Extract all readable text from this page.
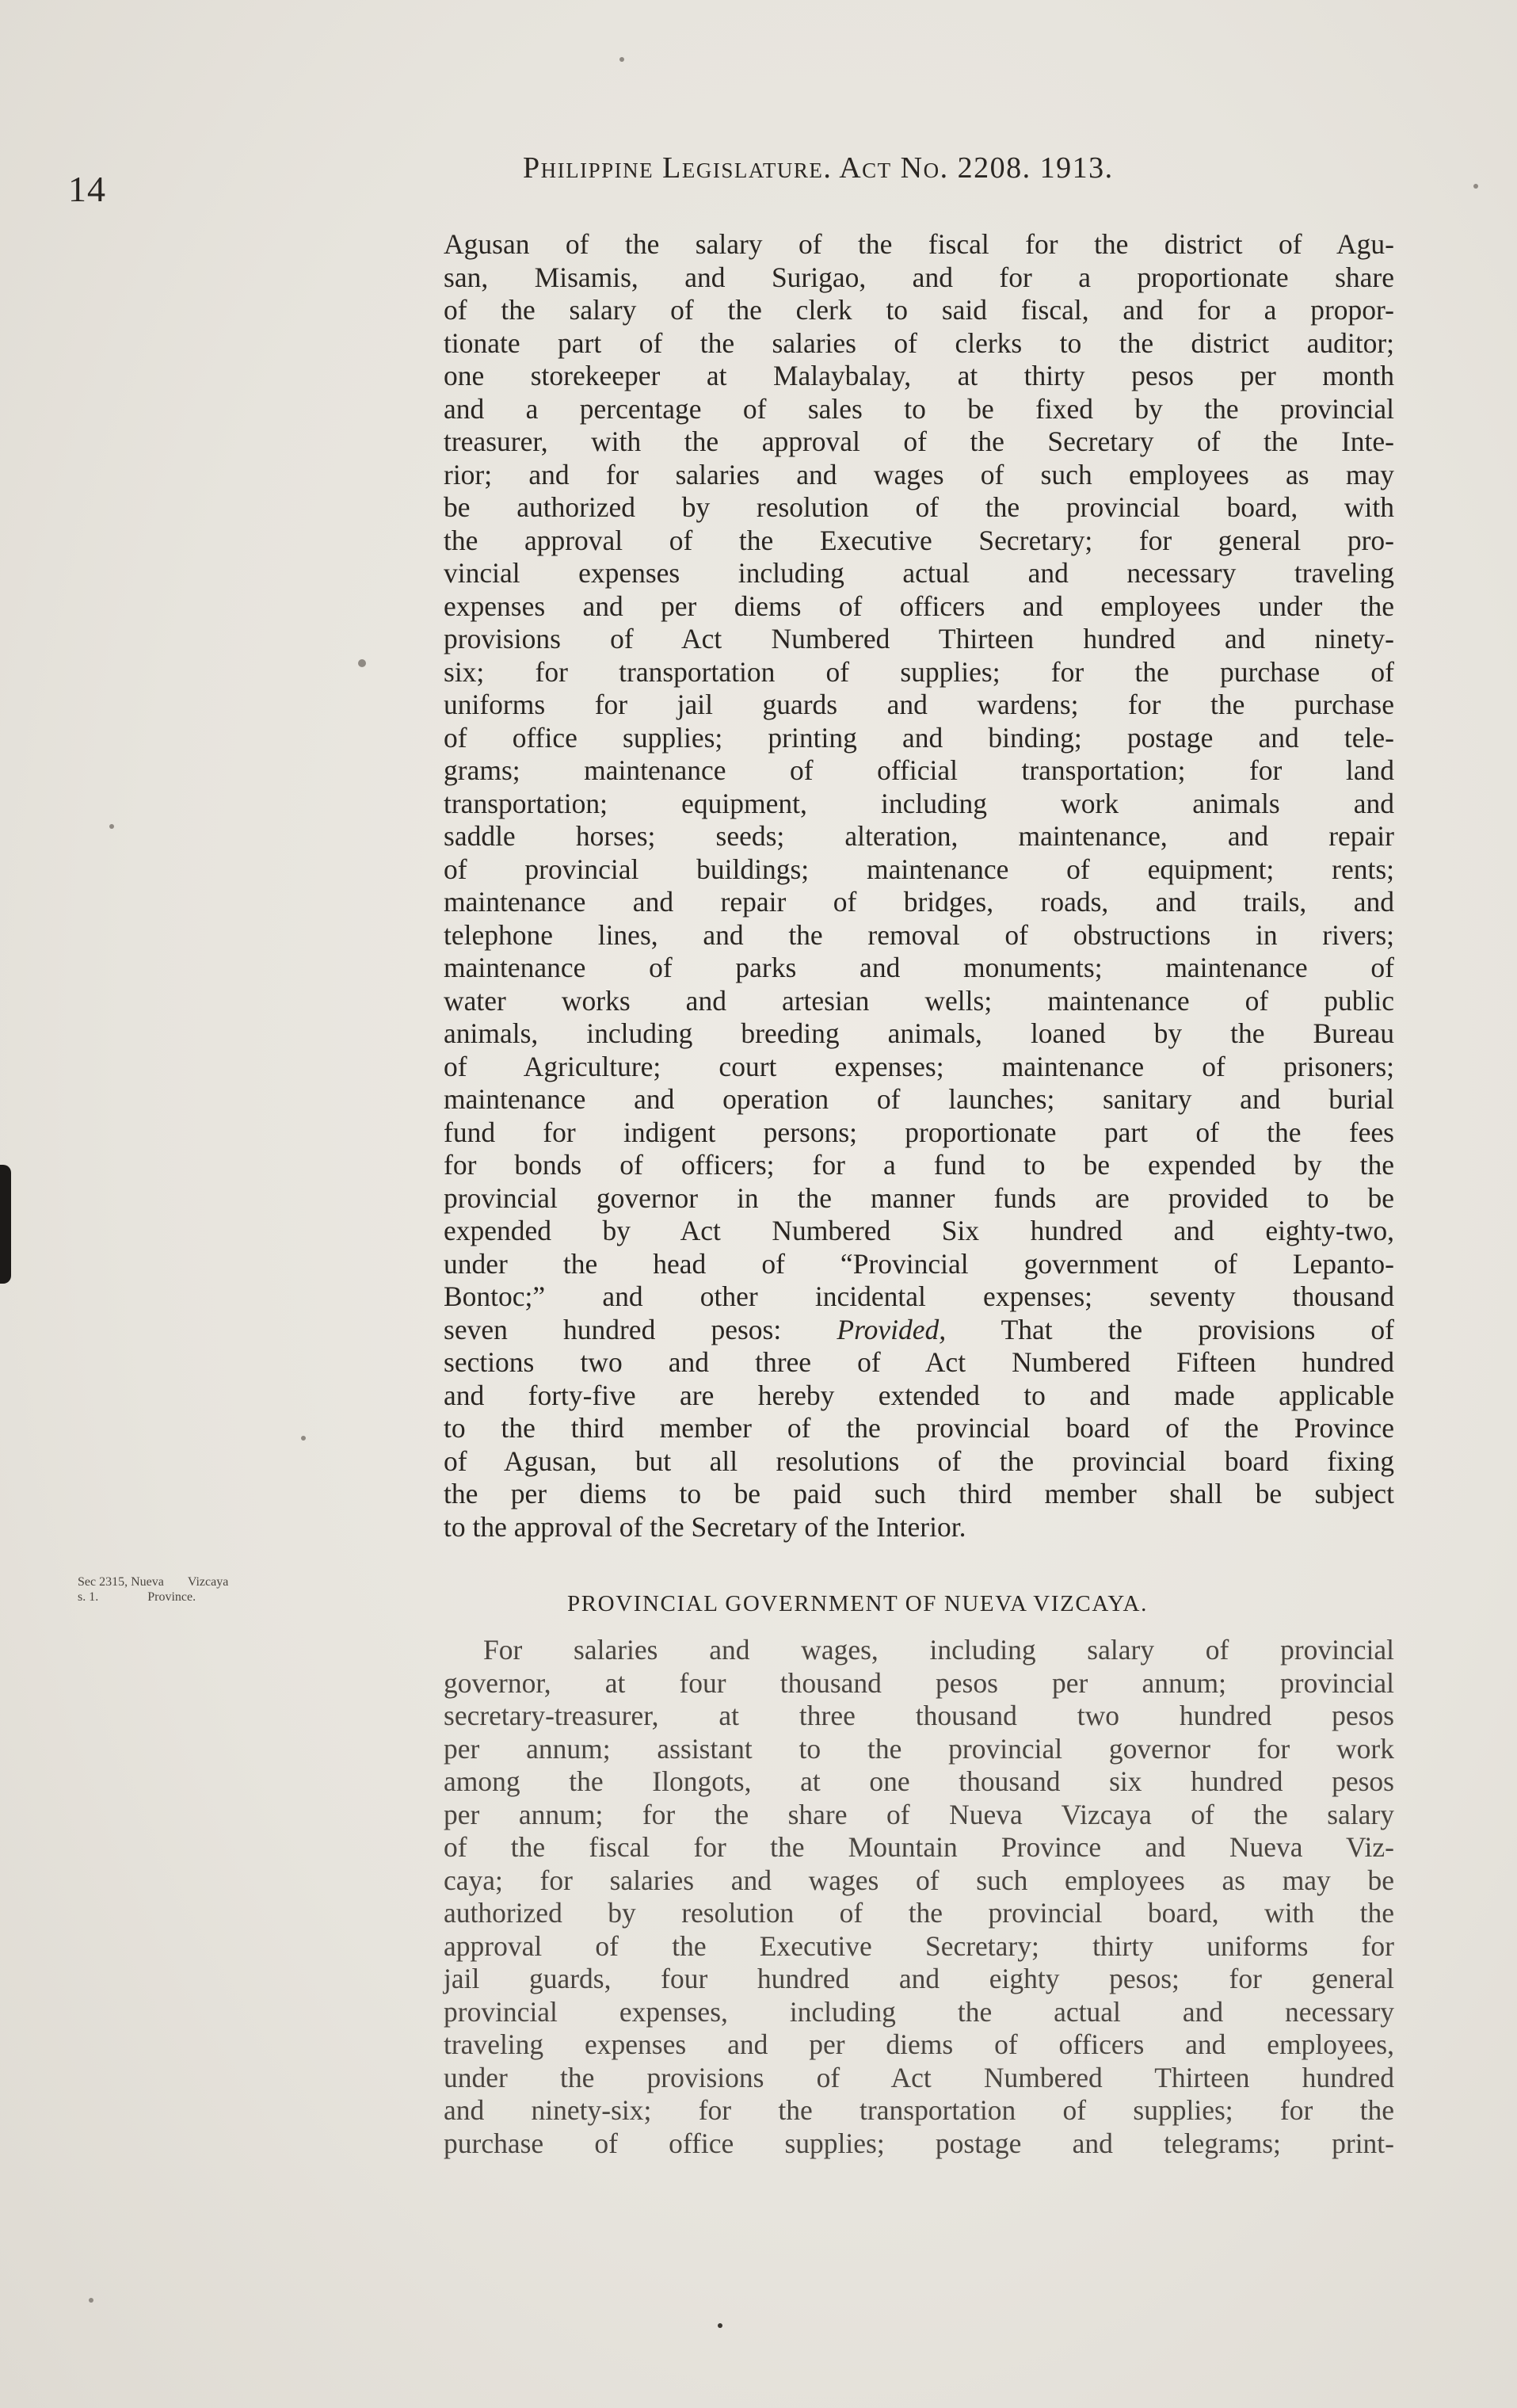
14
Philippine Legislature. Act No. 2208. 1913.
Agusan of the salary of the fiscal for the district of Agu-
san, Misamis, and Surigao, and for a proportionate share
of the salary of the clerk to said fiscal, and for a propor-
tionate part of the salaries of clerks to the district auditor;
one storekeeper at Malaybalay, at thirty pesos per month
and a percentage of sales to be fixed by the provincial
treasurer, with the approval of the Secretary of the Inte-
rior; and for salaries and wages of such employees as may
be authorized by resolution of the provincial board, with
the approval of the Executive Secretary; for general pro-
vincial expenses including actual and necessary traveling
expenses and per diems of officers and employees under the
provisions of Act Numbered Thirteen hundred and ninety-
six; for transportation of supplies; for the purchase of
uniforms for jail guards and wardens; for the purchase
of office supplies; printing and binding; postage and tele-
grams; maintenance of official transportation; for land
transportation; equipment, including work animals and
saddle horses; seeds; alteration, maintenance, and repair
of provincial buildings; maintenance of equipment; rents;
maintenance and repair of bridges, roads, and trails, and
telephone lines, and the removal of obstructions in rivers;
maintenance of parks and monuments; maintenance of
water works and artesian wells; maintenance of public
animals, including breeding animals, loaned by the Bureau
of Agriculture; court expenses; maintenance of prisoners;
maintenance and operation of launches; sanitary and burial
fund for indigent persons; proportionate part of the fees
for bonds of officers; for a fund to be expended by the
provincial governor in the manner funds are provided to be
expended by Act Numbered Six hundred and eighty-two,
under the head of “Provincial government of Lepanto-
Bontoc;” and other incidental expenses; seventy thousand
seven hundred pesos: Provided, That the provisions of
sections two and three of Act Numbered Fifteen hundred
and forty-five are hereby extended to and made applicable
to the third member of the provincial board of the Province
of Agusan, but all resolutions of the provincial board fixing
the per diems to be paid such third member shall be subject
to the approval of the Secretary of the Interior.
Sec 2315, Nueva Vizcaya
s. 1.	Province.	PROVINCIAL GOVERNMENT OF NUEVA VIZCAYA.
For salaries and wages, including salary of provincial
governor, at four thousand pesos per annum; provincial
secretary-treasurer, at three thousand two hundred pesos
per annum; assistant to the provincial governor for work
among the Ilongots, at one thousand six hundred pesos
per annum; for the share of Nueva Vizcaya of the salary
of the fiscal for the Mountain Province and Nueva Viz-
caya; for salaries and wages of such employees as may be
authorized by resolution of the provincial board, with the
approval of the Executive Secretary; thirty uniforms for
jail guards, four hundred and eighty pesos; for general
provincial expenses, including the actual and necessary
traveling expenses and per diems of officers and employees,
under the provisions of Act Numbered Thirteen hundred
and ninety-six; for the transportation of supplies; for the
purchase of office supplies; postage and telegrams; print-
